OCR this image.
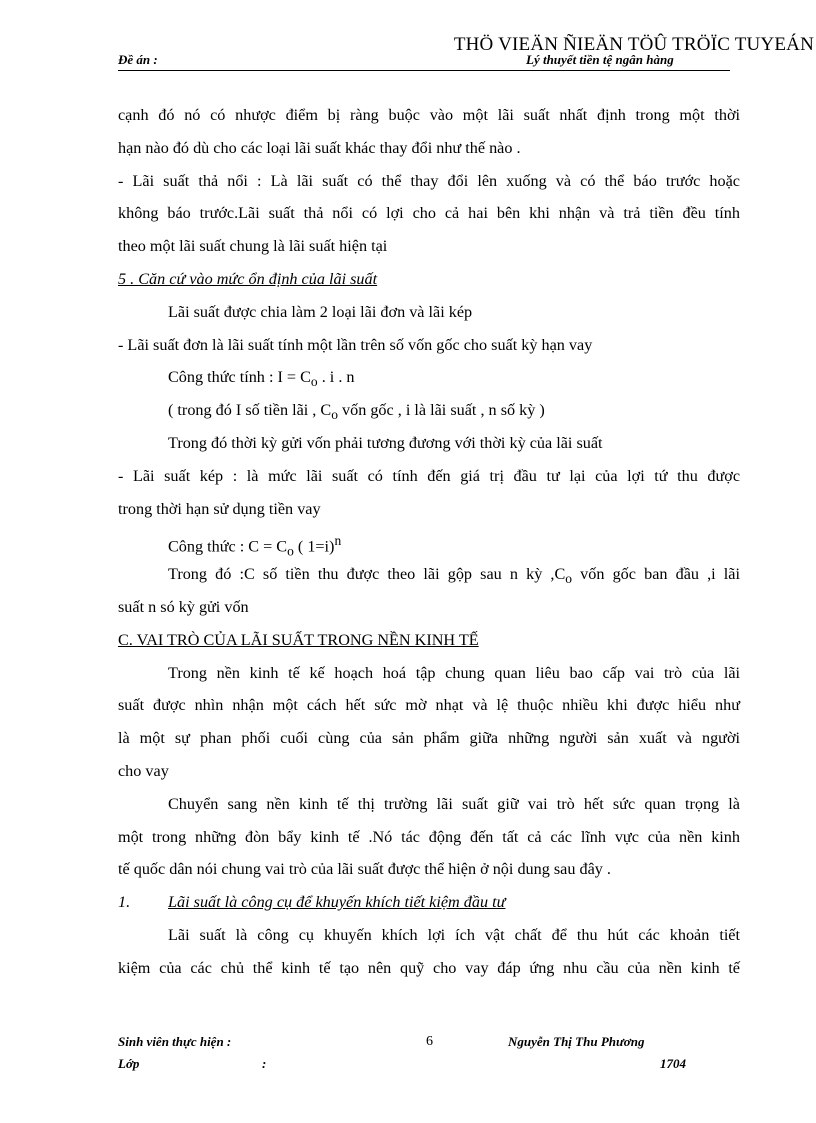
THÖ VIEÄN ÑIEÄN TÖÛ TRÖÏC TUYEÁN
Đề án :	Lý thuyết tiền tệ ngân hàng
cạnh đó nó có nhược điểm bị ràng buộc vào một lãi suất nhất định trong một thời
hạn nào đó dù cho các loại lãi suất khác thay đổi như thế nào .
- Lãi suất thả nổi : Là lãi suất có thể thay đổi lên xuống và có thể báo trước hoặc
không báo trước.Lãi suất thả nổi có lợi cho cả hai bên khi nhận và trả tiền đều tính
theo một lãi suất chung là lãi suất hiện tại
5 . Căn cứ vào mức ổn định của lãi suất
Lãi suất được chia làm 2 loại lãi đơn và lãi kép
- Lãi suất đơn là lãi suất tính một lần trên số vốn gốc cho suất kỳ hạn vay
Công thức tính : $I = C_o$ . i . n
( trong đó I số tiền lãi , $C_o$ vốn gốc , i là lãi suất , n số kỳ )
Trong đó thời kỳ gửi vốn phải tương đương với thời kỳ của lãi suất
- Lãi suất kép : là mức lãi suất có tính đến giá trị đầu tư lại của lợi tứ thu được
trong thời hạn sử dụng tiền vay
Công thức : $C = C_o$ ( 1=i)$^n$
Trong đó :C số tiền thu được theo lãi gộp sau n kỳ $,C_o$ vốn gốc ban đầu ,i lãi
suất n só kỳ gửi vốn
C. VAI TRÒ CỦA LÃI SUẤT TRONG NỀN KINH TẾ
Trong nền kinh tế kế hoạch hoá tập chung quan liêu bao cấp vai trò của lãi
suất được nhìn nhận một cách hết sức mờ nhạt và lệ thuộc nhiều khi được hiểu như
là một sự phan phối cuối cùng của sản phẩm giữa những người sản xuất và người
cho vay
Chuyển sang nền kinh tế thị trường lãi suất giữ vai trò hết sức quan trọng là
một trong những đòn bẩy kinh tế .Nó tác động đến tất cả các lĩnh vực của nền kinh
tế quốc dân nói chung vai trò của lãi suất được thể hiện ở nội dung sau đây .
1. Lãi suất là công cụ để khuyến khích tiết kiệm đầu tư
Lãi suất là công cụ khuyến khích lợi ích vật chất để thu hút các khoản tiết
kiệm của các chủ thể kinh tế tạo nên quỹ cho vay đáp ứng nhu cầu của nền kinh tế
Sinh viên thực hiện :
Lớp	:
6	Nguyễn Thị Thu Phương
1704
